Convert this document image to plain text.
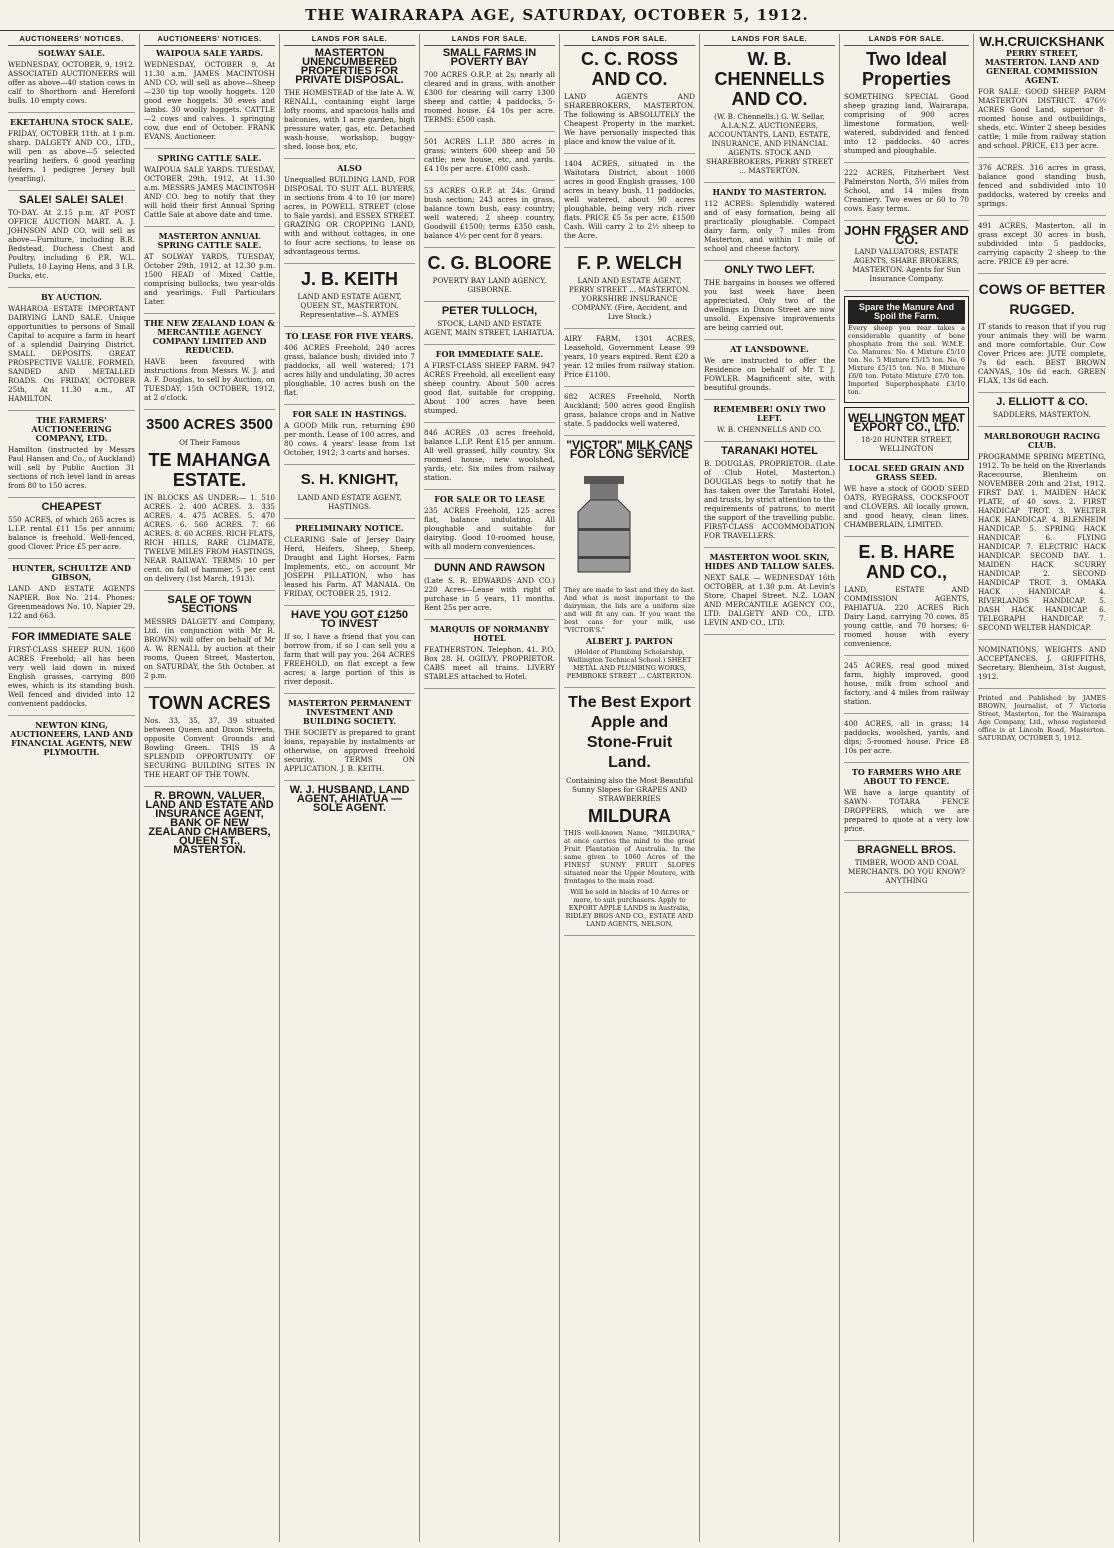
THE WAIRARAPA AGE, SATURDAY, OCTOBER 5, 1912.
AUCTIONEERS' NOTICES.
SOLWAY SALE.

WEDNESDAY, OCTOBER, 9, 1912. ASSOCIATED AUCTIONEERS will offer as above—40 station cows in calf to Shorthorn and Hereford bulls. 10 empty cows.

EKETAHUNA STOCK SALE.

FRIDAY, OCTOBER 11th. at 1 p.m. sharp. DALGETY AND CO., LTD., will pen as above—5 selected yearling heifers. 6 good yearling heifers. 1 pedigree Jersey bull (yearling).

SALE! SALE! SALE!

TO-DAY. At 2.15 p.m. AT POST OFFICE AUCTION MART. A. J. JOHNSON AND CO. will sell as above—Furniture, including B.R. Bedstead, Duchess Chest and Poultry, including 6 P.R. W.L. Pullets, 10 Laying Hens, and 3 I.R. Ducks, etc.

BY AUCTION.

WAHAROA ESTATE IMPORTANT DAIRYING LAND SALE. Unique opportunities to persons of Small Capital to acquire a farm in heart of a splendid Dairying District. SMALL DEPOSITS. GREAT PROSPECTIVE VALUE. FORMED, SANDED AND METALLED ROADS. On FRIDAY, OCTOBER 25th, At 11.30 a.m., AT HAMILTON.

THE FARMERS' AUCTIONEERING COMPANY, LTD.

Hamilton (instructed by Messrs Paul Hansen and Co., of Auckland) will sell by Public Auction 31 sections of rich level land in areas from 80 to 150 acres.

CHEAPEST

550 ACRES, of which 265 acres is L.I.P. rental £11 15s per annum; balance is freehold. Well-fenced, good Clover. Price £5 per acre.

HUNTER, SCHULTZE AND GIBSON,

LAND AND ESTATE AGENTS NAPIER. Box No. 214. Phones: Greenmeadows No. 10, Napier 29, 122 and 663.

FOR IMMEDIATE SALE

FIRST-CLASS SHEEP RUN. 1600 ACRES Freehold; all has been very well laid down in mixed English grasses, carrying 800 ewes, which is its standing bush. Well fenced and divided into 12 convenient paddocks.

NEWTON KING, AUCTIONEERS, LAND AND FINANCIAL AGENTS, NEW PLYMOUTH.
AUCTIONEERS' NOTICES.
WAIPOUA SALE YARDS.

WEDNESDAY, OCTOBER 9, At 11.30 a.m. JAMES MACINTOSH AND CO. will sell as above—Sheep—230 tip top woolly hoggets. 120 good ewe hoggets. 30 ewes and lambs. 30 woolly hoggets. CATTLE—2 cows and calves. 1 springing cow, due end of October. FRANK EVANS, Auctioneer.

SPRING CATTLE SALE.

WAIPOUA SALE YARDS. TUESDAY, OCTOBER 29th, 1912, At 11.30 a.m. MESSRS JAMES MACINTOSH AND CO. beg to notify that they will hold their first Annual Spring Cattle Sale at above date and time.

MASTERTON ANNUAL SPRING CATTLE SALE.

AT SOLWAY YARDS, TUESDAY, October 29th, 1912, at 12.30 p.m. 1500 HEAD of Mixed Cattle, comprising bullocks, two year-olds and yearlings. Full Particulars Later.

THE NEW ZEALAND LOAN & MERCANTILE AGENCY COMPANY LIMITED AND REDUCED.

HAVE been favoured with instructions from Messrs W. J. and A. F. Douglas, to sell by Auction, on TUESDAY, 15th OCTOBER, 1912, at 2 o'clock.

3500 ACRES 3500

Of Their Famous

TE MAHANGA ESTATE.

IN BLOCKS AS UNDER:— 1. 510 ACRES. 2. 400 ACRES. 3. 335 ACRES. 4. 475 ACRES. 5. 470 ACRES. 6. 560 ACRES. 7. 66 ACRES. 8. 60 ACRES. RICH FLATS, RICH HILLS, RARE CLIMATE, TWELVE MILES FROM HASTINGS, NEAR RAILWAY. TERMS: 10 per cent. on fall of hammer, 5 per cent on delivery (1st March, 1913).

SALE OF TOWN SECTIONS

MESSRS DALGETY and Company, Ltd. (in conjunction with Mr R. BROWN) will offer on behalf of Mr A. W. RENALL by auction at their rooms, Queen Street, Masterton, on SATURDAY, the 5th October, at 2 p.m.

TOWN ACRES

Nos. 33, 35, 37, 39 situated between Queen and Dixon Streets, opposite Convent Grounds and Bowling Green. THIS IS A SPLENDID OPPORTUNITY OF SECURING BUILDING SITES IN THE HEART OF THE TOWN.

R. BROWN, VALUER, LAND AND ESTATE AND INSURANCE AGENT, BANK OF NEW ZEALAND CHAMBERS, QUEEN ST., MASTERTON.
LANDS FOR SALE.
MASTERTON UNENCUMBERED PROPERTIES FOR PRIVATE DISPOSAL.

THE HOMESTEAD of the late A. W. RENALL, containing eight large lofty rooms, and spacious halls and balconies, with 1 acre garden, high pressure water, gas, etc. Detached wash-house, workshop, buggy-shed, loose box, etc.

ALSO

Unequalled BUILDING LAND, FOR DISPOSAL TO SUIT ALL BUYERS, in sections from 4 to 10 (or more) acres, in POWELL STREET (close to Sale yards), and ESSEX STREET. GRAZING OR CROPPING LAND, with and without cottages, in one to four acre sections, to lease on advantageous terms.

J. B. KEITH

LAND AND ESTATE AGENT, QUEEN ST., MASTERTON. Representative—S. AYMES

TO LEASE FOR FIVE YEARS.

406 ACRES Freehold, 240 acres grass, balance bush; divided into 7 paddocks, all well watered; 171 acres hilly and undulating, 30 acres ploughable, 10 acres bush on the flat.

FOR SALE IN HASTINGS.

A GOOD Milk run, returning £90 per month. Lease of 100 acres, and 80 cows. 4 years' lease from 1st October, 1912; 3 carts and horses.

S. H. KNIGHT,

LAND AND ESTATE AGENT, HASTINGS.

PRELIMINARY NOTICE.

CLEARING Sale of Jersey Dairy Herd, Heifers, Sheep, Sheep, Draught and Light Horses, Farm Implements, etc., on account Mr JOSEPH PILLATION, who has leased his Farm. AT MANAIA. On FRIDAY, OCTOBER 25, 1912.

HAVE YOU GOT £1250 TO INVEST

If so, I have a friend that you can borrow from, if so I can sell you a farm that will pay you. 264 ACRES FREEHOLD, on flat except a few acres; a large portion of this is river deposit.

MASTERTON PERMANENT INVESTMENT AND BUILDING SOCIETY.

THE SOCIETY is prepared to grant loans, repayable by instalments or otherwise, on approved freehold security. TERMS ON APPLICATION. J. B. KEITH.

W. J. HUSBAND, LAND AGENT, AHIATUA — SOLE AGENT.
LANDS FOR SALE.
SMALL FARMS IN POVERTY BAY

700 ACRES O.R.P. at 2s; nearly all cleared and in grass, with another £300 for clearing will carry 1300 sheep and cattle; 4 paddocks, 5-roomed house. £4 10s per acre. TERMS: £500 cash.

501 ACRES L.I.P. 380 acres in grass; winters 600 sheep and 50 cattle; new house, etc, and yards. £4 10s per acre. £1000 cash.

53 ACRES O.R.P. at 24s. Grand bush section; 243 acres in grass, balance town bush, easy country; well watered; 2 sheep country. Goodwill £1500; terms £350 cash, balance 4½ per cent for 8 years.

C. G. BLOORE

POVERTY BAY LAND AGENCY, GISBORNE.

PETER TULLOCH,

STOCK, LAND AND ESTATE AGENT, MAIN STREET, LAHIATUA.

FOR IMMEDIATE SALE.

A FIRST-CLASS SHEEP FARM. 947 ACRES Freehold, all excellent easy sheep country. About 500 acres good flat, suitable for cropping. About 100 acres have been stumped.

846 ACRES .03 acres freehold, balance L.I.P. Rent £15 per annum. All well grassed, hilly country. Six roomed house, new woolshed, yards, etc. Six miles from railway station.

FOR SALE OR TO LEASE

235 ACRES Freehold, 125 acres flat, balance undulating. All ploughable and suitable for dairying. Good 10-roomed house, with all modern conveniences.

DUNN AND RAWSON

(Late S. R. EDWARDS AND CO.) 220 Acres—Lease with right of purchase in 5 years, 11 months. Rent 25s per acre.

MARQUIS OF NORMANBY HOTEL

FEATHERSTON. Telephon. 41. P.O. Box 28. H. OGILVY, PROPRIETOR. CABS meet all trains. LIVERY STABLES attached to Hotel.

LANDS FOR SALE.
C. C. ROSS AND CO.

LAND AGENTS AND SHAREBROKERS, MASTERTON. The following is ABSOLUTELY the Cheapest Property in the market. We have personally inspected this place and know the value of it.

1404 ACRES, situated in the Waitotara District, about 1000 acres in good English grasses, 100 acres in heavy bush, 11 paddocks, well watered, about 90 acres ploughable, being very rich river flats. PRICE £5 5s per acre. £1500 Cash. Will carry 2 to 2½ sheep to the Acre.

F. P. WELCH

LAND AND ESTATE AGENT, PERRY STREET ... MASTERTON. YORKSHIRE INSURANCE COMPANY. (Fire, Accident, and Live Stock.)

AIRY FARM, 1301 ACRES, Leasehold, Government Lease 99 years, 10 years expired. Rent £20 a year. 12 miles from railway station. Price £1100.

682 ACRES Freehold, North Auckland; 500 acres good English grass, balance crops and in Native state. 5 paddocks well watered.

"VICTOR" MILK CANS FOR LONG SERVICE

They are made to last and they do last. And what is most important to the dairyman, the lids are a uniform size and will fit any can. If you want the best cans for your milk, use "VICTOR'S."

ALBERT J. PARTON

(Holder of Plumbing Scholarship, Wellington Technical School.) SHEET METAL AND PLUMBING WORKS, PEMBROKE STREET ... CARTERTON.

The Best Export Apple and Stone-Fruit Land.

Containing also the Most Beautiful Sunny Slopes for GRAPES AND STRAWBERRIES

MILDURA

THIS well-known Name, "MILDURA," at once carries the mind to the great Fruit Plantation of Australia. In the same given to 1060 Acres of the FINEST SUNNY FRUIT SLOPES situated near the Upper Moutere, with frontages to the main road.

Will be sold in blocks of 10 Acres or more, to suit purchasers. Apply to EXPORT APPLE LANDS in Australia, RIDLEY BROS AND CO., ESTATE AND LAND AGENTS, NELSON.

LANDS FOR SALE.
W. B. CHENNELLS AND CO.

(W. B. Chennells.) G. W. Sellar, A.I.A.N.Z. AUCTIONEERS, ACCOUNTANTS, LAND, ESTATE, INSURANCE, AND FINANCIAL AGENTS. STOCK AND SHAREBROKERS, PERRY STREET ... MASTERTON.

HANDY TO MASTERTON.

112 ACRES: Splendidly watered and of easy formation, being all practically ploughable. Compact dairy farm, only 7 miles from Masterton, and within 1 mile of school and cheese factory.

ONLY TWO LEFT.

THE bargains in houses we offered you last week have been appreciated. Only two of the dwellings in Dixon Street are now unsold. Expensive improvements are being carried out.

AT LANSDOWNE.

We are instructed to offer the Residence on behalf of Mr T. J. FOWLER. Magnificent site, with beautiful grounds.

REMEMBER! ONLY TWO LEFT.

W. B. CHENNELLS AND CO.

TARANAKI HOTEL

B. DOUGLAS, PROPRIETOR. (Late of Club Hotel, Masterton.) DOUGLAS begs to notify that he has taken over the Taratahi Hotel, and trusts, by strict attention to the requirements of patrons, to merit the support of the travelling public. FIRST-CLASS ACCOMMODATION FOR TRAVELLERS.

MASTERTON WOOL SKIN, HIDES AND TALLOW SALES.

NEXT SALE — WEDNESDAY 16th OCTOBER, at 1.30 p.m. At Levin's Store, Chapel Street. N.Z. LOAN AND MERCANTILE AGENCY CO., LTD. DALGETY AND CO., LTD. LEVIN AND CO., LTD.

LANDS FOR SALE.
Two Ideal Properties

SOMETHING SPECIAL Good sheep grazing land, Wairarapa, comprising of 900 acres limestone formation, well-watered, subdivided and fenced into 12 paddocks. 40 acres stumped and ploughable.

222 ACRES, Fitzherbert Vest Palmerston North, 5½ miles from School, and 14 miles from Creamery. Two ewes or 60 to 70 cows. Easy terms.

JOHN FRASER AND CO.

LAND VALUATORS, ESTATE AGENTS, SHARE BROKERS, MASTERTON. Agents for Sun Insurance Company.

Spare the Manure And Spoil the Farm.

Every sheep you rear takes a considerable quantity of bone phosphate from the soil. W.M.E. Co. Manures. No. 4 Mixture £5/10 ton. No. 5 Mixture £5/15 ton. No. 6 Mixture £5/15 ton. No. 8 Mixture £6/0 ton. Potato Mixture £7/0 ton. Imported Superphosphate £3/10 ton.

WELLINGTON MEAT EXPORT CO., LTD.

18-20 HUNTER STREET, WELLINGTON

LOCAL SEED GRAIN AND GRASS SEED.

WE have a stock of GOOD SEED OATS, RYEGRASS, COCKSFOOT and CLOVERS. All locally grown, and good heavy, clean lines. CHAMBERLAIN, LIMITED.

E. B. HARE AND CO.,

LAND, ESTATE AND COMMISSION AGENTS, PAHIATUA. 220 ACRES Rich Dairy Land, carrying 70 cows, 85 young cattle, and 70 horses; 6-roomed house with every convenience.

245 ACRES, real good mixed farm, highly improved, good house, milk from school and factory, and 4 miles from railway station.

400 ACRES, all in grass; 14 paddocks, woolshed, yards, and dips; 5-roomed house. Price £8 10s per acre.

TO FARMERS WHO ARE ABOUT TO FENCE.

WE have a large quantity of SAWN TOTARA FENCE DROPPERS, which we are prepared to quote at a very low price.

BRAGNELL BROS.

TIMBER, WOOD AND COAL MERCHANTS. DO YOU KNOW? ANYTHING

W.H.CRUICKSHANK
PERRY STREET, MASTERTON. LAND AND GENERAL COMMISSION AGENT.

FOR SALE. GOOD SHEEP FARM MASTERTON DISTRICT. 476½ ACRES Good Land, superior 8-roomed house and outbuildings, sheds, etc. Winter 2 sheep besides cattle; 1 mile from railway station and school. PRICE, £13 per acre.

376 ACRES. 316 acres in grass, balance good standing bush, fenced and subdivided into 10 paddocks, watered by creeks and springs.

491 ACRES, Masterton, all in grass except 30 acres in bush, subdivided into 5 paddocks, carrying capacity 2 sheep to the acre. PRICE £9 per acre.

COWS OF BETTER RUGGED.

IT stands to reason that if you rug your animals they will be warm and more comfortable. Our Cow Cover Prices are: JUTE complete, 7s 6d each. BEST BROWN CANVAS, 10s 6d each. GREEN FLAX, 13s 6d each.

J. ELLIOTT & CO.

SADDLERS, MASTERTON.

MARLBOROUGH RACING CLUB.

PROGRAMME SPRING MEETING, 1912. To be held on the Riverlands Racecourse, Blenheim on NOVEMBER 20th and 21st, 1912. FIRST DAY. 1. MAIDEN HACK PLATE, of 40 sovs. 2. FIRST HANDICAP TROT. 3. WELTER HACK HANDICAP. 4. BLENHEIM HANDICAP. 5. SPRING HACK HANDICAP. 6. FLYING HANDICAP. 7. ELECTRIC HACK HANDICAP. SECOND DAY. 1. MAIDEN HACK SCURRY HANDICAP. 2. SECOND HANDICAP TROT. 3. OMAKA HACK HANDICAP. 4. RIVERLANDS HANDICAP. 5. DASH HACK HANDICAP. 6. TELEGRAPH HANDICAP. 7. SECOND WELTER HANDICAP.

NOMINATIONS, WEIGHTS AND ACCEPTANCES. J. GRIFFITHS, Secretary. Blenheim, 31st August, 1912.

Printed and Published by JAMES BROWN, Journalist, of 7 Victoria Street, Masterton, for the Wairarapa Age Company, Ltd., whose registered office is at Lincoln Road, Masterton. SATURDAY, OCTOBER 5, 1912.
